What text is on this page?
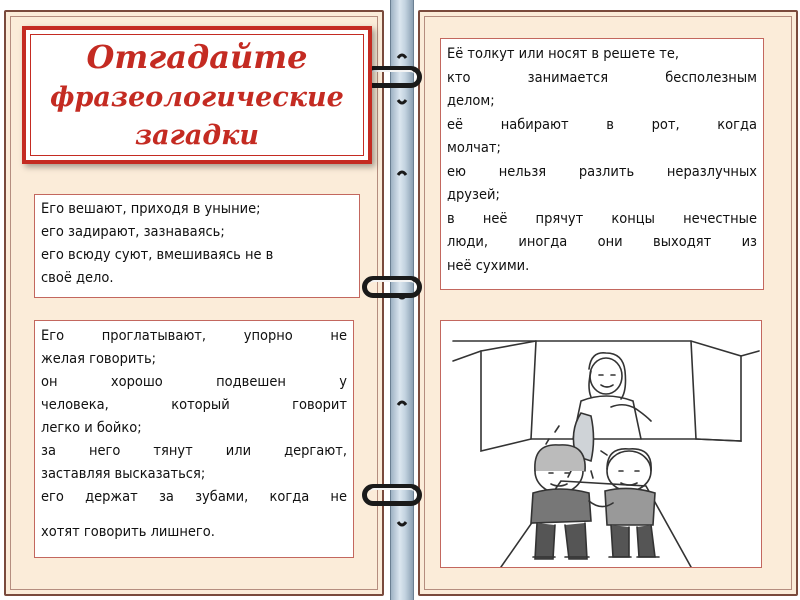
Отгадайте
фразеологические
загадки

Его вешают, приходя в уныние;

его задирают, зазнаваясь;

его всюду суют, вмешиваясь не в

своё дело.

Его проглатывают, упорно не

желая говорить;

он хорошо подвешен у

человека, который говорит

легко и бойко;

за него тянут или дергают,

заставляя высказаться;

его держат за зубами, когда не

хотят говорить лишнего.

Её толкут или носят в решете те,

кто занимается бесполезным

делом;

её набирают в рот, когда

молчат;

ею нельзя разлить неразлучных

друзей;

в неё прячут концы нечестные

люди, иногда они выходят из

неё сухими.
